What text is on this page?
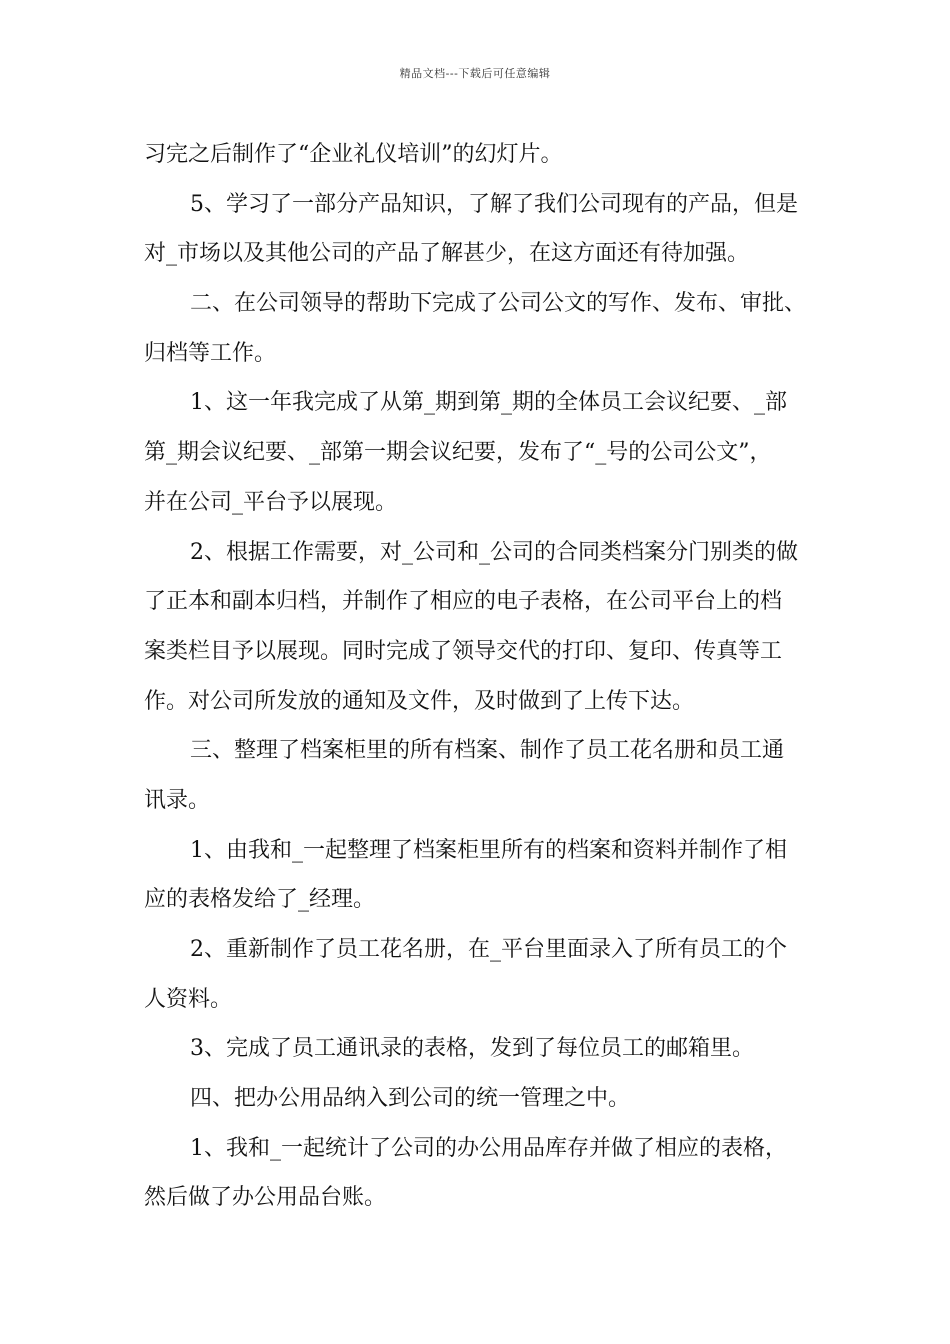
精品文档---下载后可任意编辑
习完之后制作了“企业礼仪培训”的幻灯片。
5、学习了一部分产品知识，了解了我们公司现有的产品，但是
对_市场以及其他公司的产品了解甚少，在这方面还有待加强。
二、在公司领导的帮助下完成了公司公文的写作、发布、审批、
归档等工作。
1、这一年我完成了从第_期到第_期的全体员工会议纪要、_部
第_期会议纪要、_部第一期会议纪要，发布了“_号的公司公文”，
并在公司_平台予以展现。
2、根据工作需要，对_公司和_公司的合同类档案分门别类的做
了正本和副本归档，并制作了相应的电子表格，在公司平台上的档
案类栏目予以展现。同时完成了领导交代的打印、复印、传真等工
作。对公司所发放的通知及文件，及时做到了上传下达。
三、整理了档案柜里的所有档案、制作了员工花名册和员工通
讯录。
1、由我和_一起整理了档案柜里所有的档案和资料并制作了相
应的表格发给了_经理。
2、重新制作了员工花名册，在_平台里面录入了所有员工的个
人资料。
3、完成了员工通讯录的表格，发到了每位员工的邮箱里。
四、把办公用品纳入到公司的统一管理之中。
1、我和_一起统计了公司的办公用品库存并做了相应的表格，
然后做了办公用品台账。
